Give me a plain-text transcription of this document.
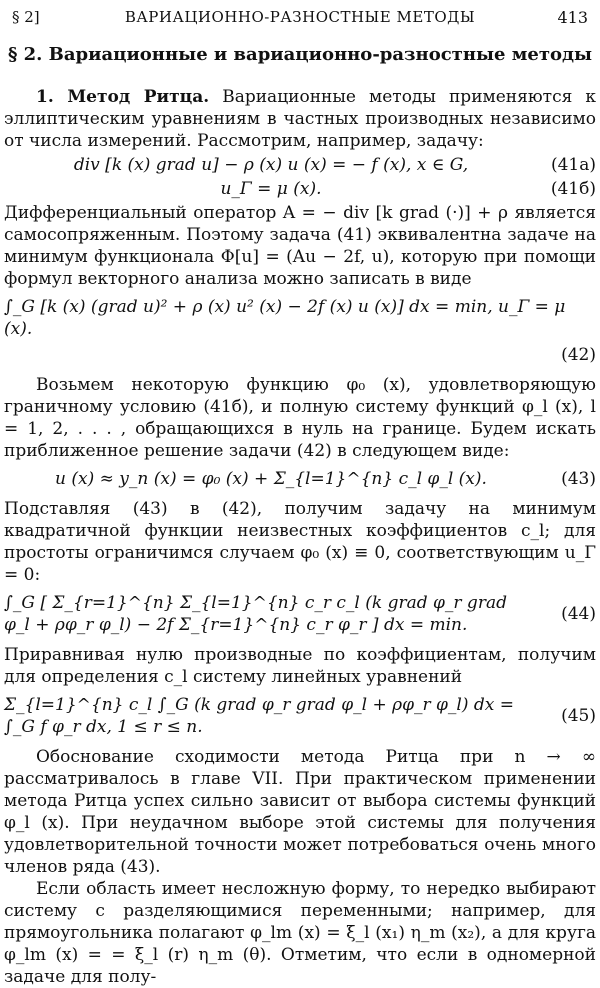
§ 2]	ВАРИАЦИОННО-РАЗНОСТНЫЕ МЕТОДЫ	413
§ 2. Вариационные и вариационно-разностные методы

1. Метод Ритца. Вариационные методы применяются к эллиптическим уравнениям в частных производных независимо от числа измерений. Рассмотрим, например, задачу:

div [k (x) grad u] − ρ (x) u (x) = − f (x), x ∈ G,	(41а)
u_Γ = μ (x).	(41б)

Дифференциальный оператор A = − div [k grad (·)] + ρ является самосопряженным. Поэтому задача (41) эквивалентна задаче на минимум функционала Φ[u] = (Au − 2f, u), которую при помощи формул векторного анализа можно записать в виде

∫_G [k (x) (grad u)² + ρ (x) u² (x) − 2f (x) u (x)] dx = min, u_Γ = μ (x).
(42)

Возьмем некоторую функцию φ₀ (x), удовлетворяющую граничному условию (41б), и полную систему функций φ_l (x), l = 1, 2, . . . , обращающихся в нуль на границе. Будем искать приближенное решение задачи (42) в следующем виде:

u (x) ≈ y_n (x) = φ₀ (x) + Σ_{l=1}^{n} c_l φ_l (x).	(43)

Подставляя (43) в (42), получим задачу на минимум квадратичной функции неизвестных коэффициентов c_l; для простоты ограничимся случаем φ₀ (x) ≡ 0, соответствующим u_Γ = 0:

∫_G [ Σ_{r=1}^{n} Σ_{l=1}^{n} c_r c_l (k grad φ_r grad φ_l + ρφ_r φ_l) − 2f Σ_{r=1}^{n} c_r φ_r ] dx = min.
(44)

Приравнивая нулю производные по коэффициентам, получим для определения c_l систему линейных уравнений

Σ_{l=1}^{n} c_l ∫_G (k grad φ_r grad φ_l + ρφ_r φ_l) dx = ∫_G f φ_r dx, 1 ≤ r ≤ n.
(45)

Обоснование сходимости метода Ритца при n → ∞ рассматривалось в главе VII. При практическом применении метода Ритца успех сильно зависит от выбора системы функций φ_l (x). При неудачном выборе этой системы для получения удовлетворительной точности может потребоваться очень много членов ряда (43).

Если область имеет несложную форму, то нередко выбирают систему с разделяющимися переменными; например, для прямоугольника полагают φ_lm (x) = ξ_l (x₁) η_m (x₂), а для круга φ_lm (x) = = ξ_l (r) η_m (θ). Отметим, что если в одномерной задаче для полу-
